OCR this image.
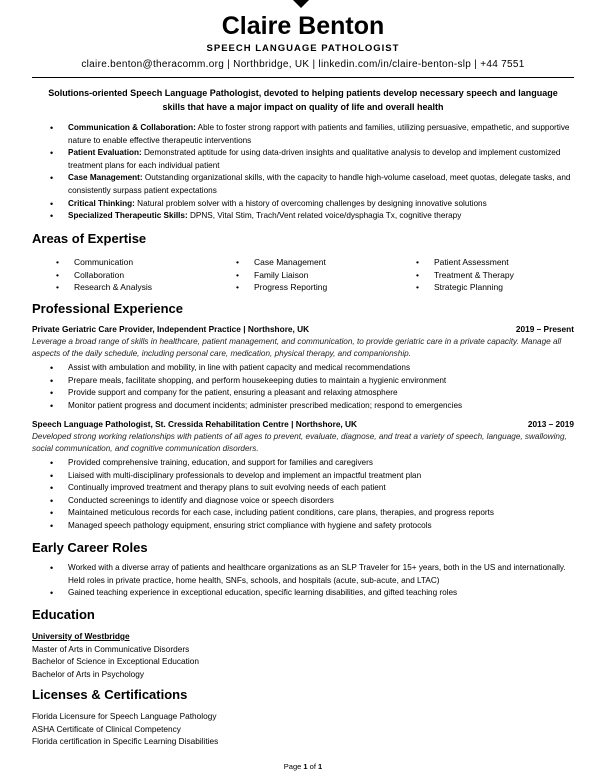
Claire Benton
SPEECH LANGUAGE PATHOLOGIST
claire.benton@theracomm.org | Northbridge, UK | linkedin.com/in/claire-benton-slp | +44 7551
Solutions-oriented Speech Language Pathologist, devoted to helping patients develop necessary speech and language skills that have a major impact on quality of life and overall health
• Communication & Collaboration: Able to foster strong rapport with patients and families, utilizing persuasive, empathetic, and supportive nature to enable effective therapeutic interventions
• Patient Evaluation: Demonstrated aptitude for using data-driven insights and qualitative analysis to develop and implement customized treatment plans for each individual patient
• Case Management: Outstanding organizational skills, with the capacity to handle high-volume caseload, meet quotas, delegate tasks, and consistently surpass patient expectations
• Critical Thinking: Natural problem solver with a history of overcoming challenges by designing innovative solutions
• Specialized Therapeutic Skills: DPNS, Vital Stim, Trach/Vent related voice/dysphagia Tx, cognitive therapy
Areas of Expertise
• Communication
• Collaboration
• Research & Analysis
• Case Management
• Family Liaison
• Progress Reporting
• Patient Assessment
• Treatment & Therapy
• Strategic Planning
Professional Experience
Private Geriatric Care Provider, Independent Practice | Northshore, UK	2019 – Present
Leverage a broad range of skills in healthcare, patient management, and communication, to provide geriatric care in a private capacity. Manage all aspects of the daily schedule, including personal care, medication, physical therapy, and companionship.
• Assist with ambulation and mobility, in line with patient capacity and medical recommendations
• Prepare meals, facilitate shopping, and perform housekeeping duties to maintain a hygienic environment
• Provide support and company for the patient, ensuring a pleasant and relaxing atmosphere
• Monitor patient progress and document incidents; administer prescribed medication; respond to emergencies
Speech Language Pathologist, St. Cressida Rehabilitation Centre | Northshore, UK	2013 – 2019
Developed strong working relationships with patients of all ages to prevent, evaluate, diagnose, and treat a variety of speech, language, swallowing, social communication, and cognitive communication disorders.
• Provided comprehensive training, education, and support for families and caregivers
• Liaised with multi-disciplinary professionals to develop and implement an impactful treatment plan
• Continually improved treatment and therapy plans to suit evolving needs of each patient
• Conducted screenings to identify and diagnose voice or speech disorders
• Maintained meticulous records for each case, including patient conditions, care plans, therapies, and progress reports
• Managed speech pathology equipment, ensuring strict compliance with hygiene and safety protocols
Early Career Roles
• Worked with a diverse array of patients and healthcare organizations as an SLP Traveler for 15+ years, both in the US and internationally. Held roles in private practice, home health, SNFs, schools, and hospitals (acute, sub-acute, and LTAC)
• Gained teaching experience in exceptional education, specific learning disabilities, and gifted teaching roles
Education
University of Westbridge
Master of Arts in Communicative Disorders
Bachelor of Science in Exceptional Education
Bachelor of Arts in Psychology
Licenses & Certifications
Florida Licensure for Speech Language Pathology
ASHA Certificate of Clinical Competency
Florida certification in Specific Learning Disabilities
Page 1 of 1
